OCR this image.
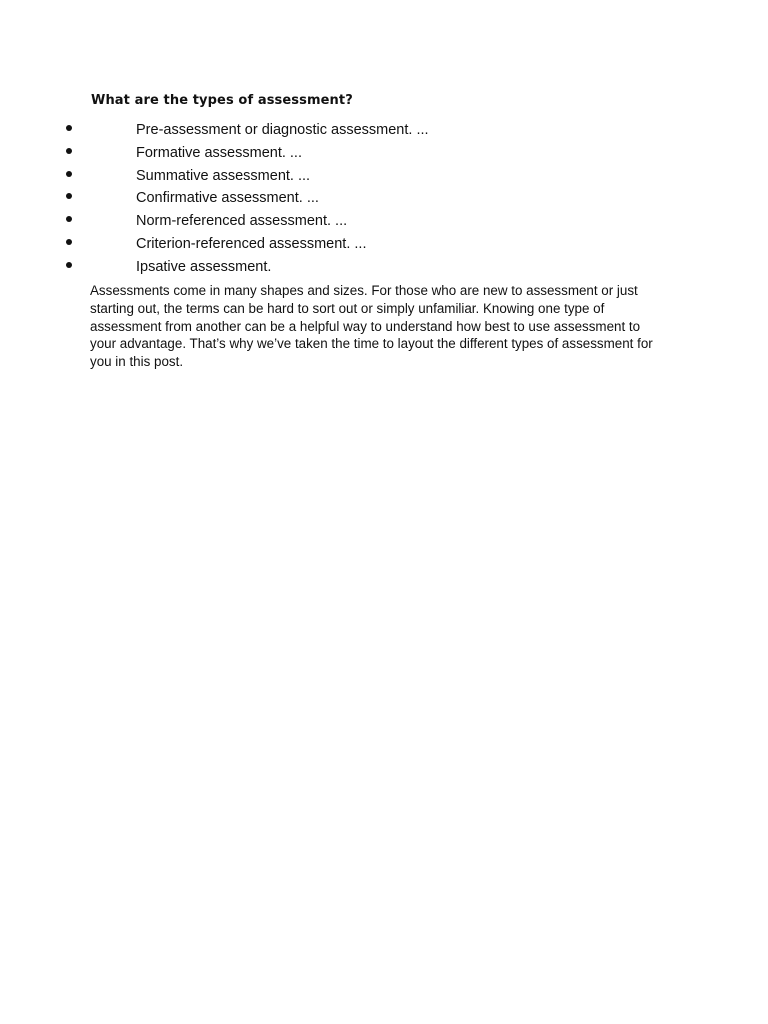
What are the types of assessment?
Pre-assessment or diagnostic assessment. ...
Formative assessment. ...
Summative assessment. ...
Confirmative assessment. ...
Norm-referenced assessment. ...
Criterion-referenced assessment. ...
Ipsative assessment.

Assessments come in many shapes and sizes. For those who are new to assessment or just
starting out, the terms can be hard to sort out or simply unfamiliar. Knowing one type of
assessment from another can be a helpful way to understand how best to use assessment to
your advantage. That’s why we’ve taken the time to layout the different types of assessment for
you in this post.
